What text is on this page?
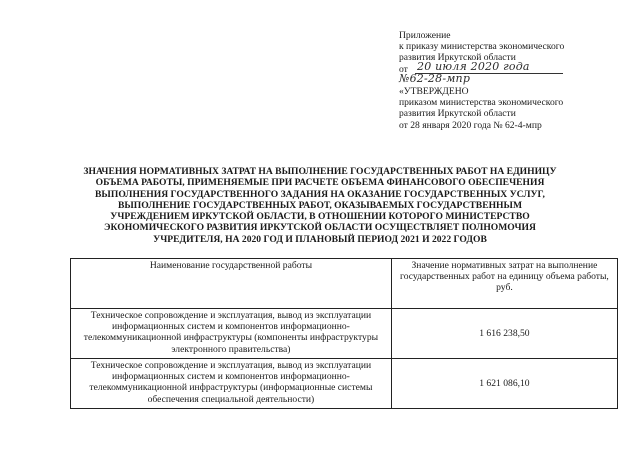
Приложение
к приказу министерства экономического
развития Иркутской области
от 20 июля 2020 года
№62-28-мпр
«УТВЕРЖДЕНО
приказом министерства экономического
развития Иркутской области
от 28 января 2020 года № 62-4-мпр
ЗНАЧЕНИЯ НОРМАТИВНЫХ ЗАТРАТ НА ВЫПОЛНЕНИЕ ГОСУДАРСТВЕННЫХ РАБОТ НА ЕДИНИЦУ
ОБЪЕМА РАБОТЫ, ПРИМЕНЯЕМЫЕ ПРИ РАСЧЕТЕ ОБЪЕМА ФИНАНСОВОГО ОБЕСПЕЧЕНИЯ
ВЫПОЛНЕНИЯ ГОСУДАРСТВЕННОГО ЗАДАНИЯ НА ОКАЗАНИЕ ГОСУДАРСТВЕННЫХ УСЛУГ,
ВЫПОЛНЕНИЕ ГОСУДАРСТВЕННЫХ РАБОТ, ОКАЗЫВАЕМЫХ ГОСУДАРСТВЕННЫМ
УЧРЕЖДЕНИЕМ ИРКУТСКОЙ ОБЛАСТИ, В ОТНОШЕНИИ КОТОРОГО МИНИСТЕРСТВО
ЭКОНОМИЧЕСКОГО РАЗВИТИЯ ИРКУТСКОЙ ОБЛАСТИ ОСУЩЕСТВЛЯЕТ ПОЛНОМОЧИЯ
УЧРЕДИТЕЛЯ, НА 2020 ГОД И ПЛАНОВЫЙ ПЕРИОД 2021 И 2022 ГОДОВ
Наименование государственной работы	Значение нормативных затрат на выполнение государственных работ на единицу объема работы, руб.
Техническое сопровождение и эксплуатация, вывод из эксплуатации информационных систем и компонентов информационно-телекоммуникационной инфраструктуры (компоненты инфраструктуры электронного правительства)	1 616 238,50
Техническое сопровождение и эксплуатация, вывод из эксплуатации информационных систем и компонентов информационно-телекоммуникационной инфраструктуры (информационные системы обеспечения специальной деятельности)	1 621 086,10
